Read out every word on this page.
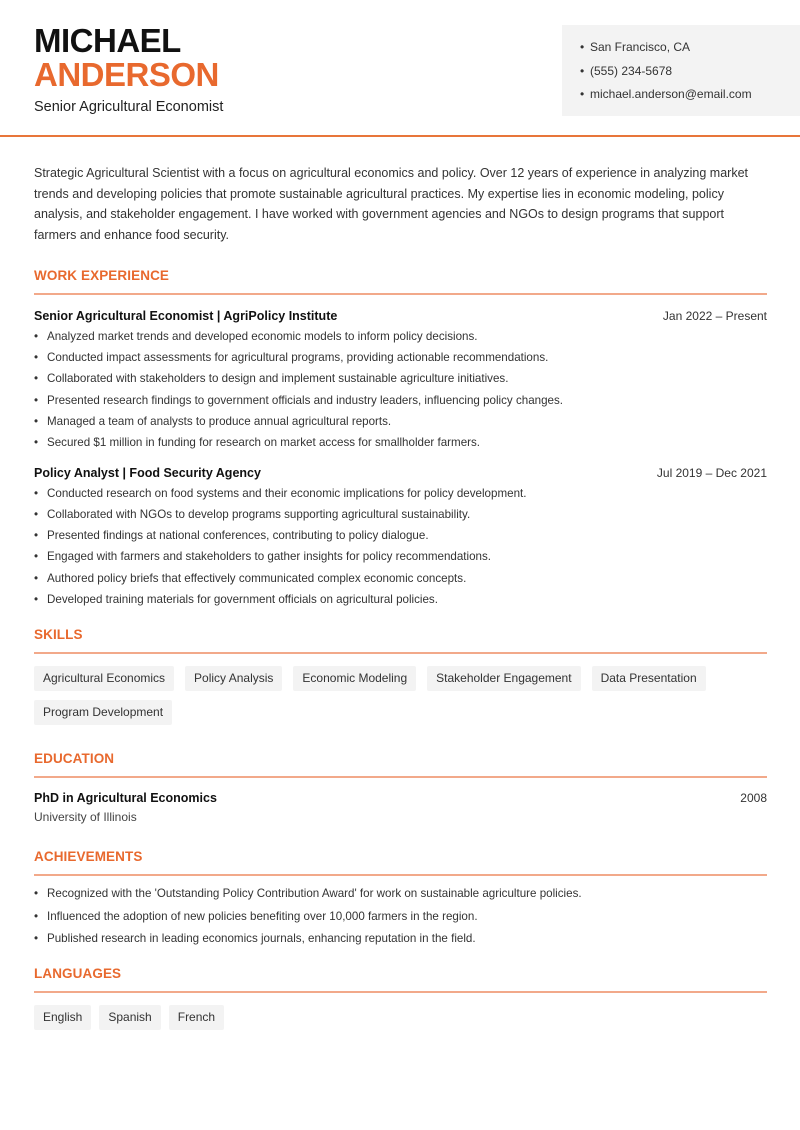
MICHAEL
ANDERSON
Senior Agricultural Economist
• San Francisco, CA
• (555) 234-5678
• michael.anderson@email.com

Strategic Agricultural Scientist with a focus on agricultural economics and policy. Over 12 years of experience in analyzing market trends and developing policies that promote sustainable agricultural practices. My expertise lies in economic modeling, policy analysis, and stakeholder engagement. I have worked with government agencies and NGOs to design programs that support farmers and enhance food security.

WORK EXPERIENCE
Senior Agricultural Economist | AgriPolicy Institute	Jan 2022 – Present
• Analyzed market trends and developed economic models to inform policy decisions.
• Conducted impact assessments for agricultural programs, providing actionable recommendations.
• Collaborated with stakeholders to design and implement sustainable agriculture initiatives.
• Presented research findings to government officials and industry leaders, influencing policy changes.
• Managed a team of analysts to produce annual agricultural reports.
• Secured $1 million in funding for research on market access for smallholder farmers.
Policy Analyst | Food Security Agency	Jul 2019 – Dec 2021
• Conducted research on food systems and their economic implications for policy development.
• Collaborated with NGOs to develop programs supporting agricultural sustainability.
• Presented findings at national conferences, contributing to policy dialogue.
• Engaged with farmers and stakeholders to gather insights for policy recommendations.
• Authored policy briefs that effectively communicated complex economic concepts.
• Developed training materials for government officials on agricultural policies.
SKILLS
Agricultural Economics	Policy Analysis	Economic Modeling	Stakeholder Engagement	Data Presentation
Program Development
EDUCATION
PhD in Agricultural Economics	2008
University of Illinois
ACHIEVEMENTS
• Recognized with the 'Outstanding Policy Contribution Award' for work on sustainable agriculture policies.
• Influenced the adoption of new policies benefiting over 10,000 farmers in the region.
• Published research in leading economics journals, enhancing reputation in the field.
LANGUAGES
English	Spanish	French
